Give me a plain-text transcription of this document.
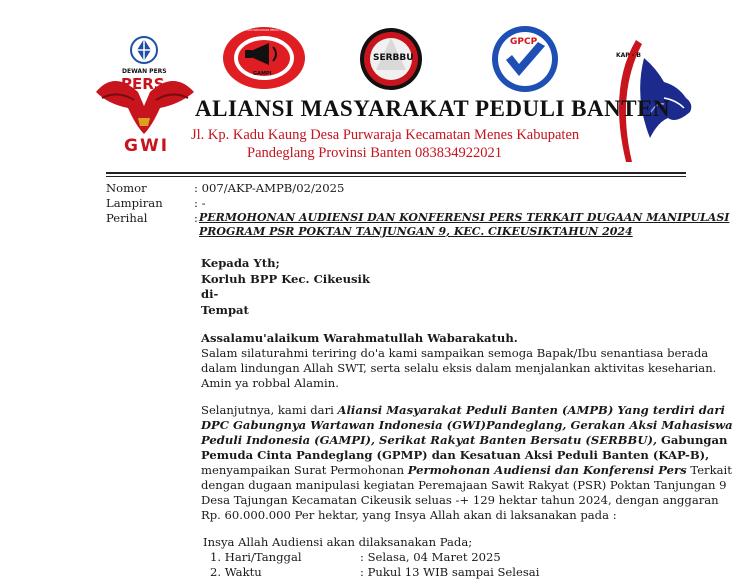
DEWAN PERS
PERS
GWI
GERAKAN AKSI MAHASISWA PEDULI INDONESIA
GAMPI
SERBBU
GPCP
KAP - B
ALIANSI MASYARAKAT PEDULI BANTEN
Jl. Kp. Kadu Kaung Desa Purwaraja Kecamatan Menes Kabupaten
Pandeglang Provinsi Banten 083834922021
Nomor	: 007/AKP-AMPB/02/2025
Lampiran	: -
Perihal	: PERMOHONAN AUDIENSI DAN KONFERENSI PERS TERKAIT DUGAAN MANIPULASI
PROGRAM PSR POKTAN TANJUNGAN 9, KEC. CIKEUSIKTAHUN 2024
Kepada Yth;
Korluh BPP Kec. Cikeusik
di-
Tempat
Assalamu'alaikum Warahmatullah Wabarakatuh.
Salam silaturahmi teriring do'a kami sampaikan semoga Bapak/Ibu senantiasa berada
dalam lindungan Allah SWT, serta selalu eksis dalam menjalankan aktivitas keseharian.
Amin ya robbal Alamin.
Selanjutnya, kami dari Aliansi Masyarakat Peduli Banten (AMPB) Yang terdiri dari
DPC Gabungnya Wartawan Indonesia (GWI)Pandeglang, Gerakan Aksi Mahasiswa
Peduli Indonesia (GAMPI), Serikat Rakyat Banten Bersatu (SERBBU), Gabungan
Pemuda Cinta Pandeglang (GPMP) dan Kesatuan Aksi Peduli Banten (KAP-B),
menyampaikan Surat Permohonan Permohonan Audiensi dan Konferensi Pers Terkait
dengan dugaan manipulasi kegiatan Peremajaan Sawit Rakyat (PSR) Poktan Tanjungan 9
Desa Tajungan Kecamatan Cikeusik seluas -+ 129 hektar tahun 2024, dengan anggaran
Rp. 60.000.000 Per hektar, yang Insya Allah akan di laksanakan pada :
Insya Allah Audiensi akan dilaksanakan Pada;
1. Hari/Tanggal	: Selasa, 04 Maret 2025
2. Waktu	: Pukul 13 WIB sampai Selesai
